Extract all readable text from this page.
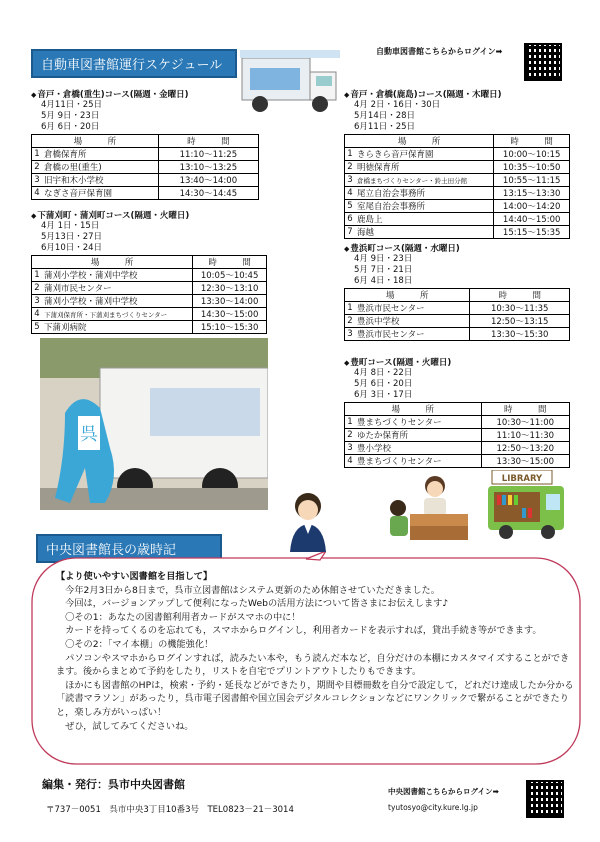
自動車図書館運行スケジュール
自動車図書館こちらからログイン➡
◆音戸・倉橋(重生)コース(隔週・金曜日)
4月11日・25日
5月 9日・23日
6月 6日・20日
場　　　所		時　　　間
1	倉橋保育所	11:10～11:25
2	倉橋の里(重生)	13:10～13:25
3	旧宇和木小学校	13:40～14:00
4	なぎさ音戸保育園	14:30～14:45
◆下蒲刈町・蒲刈町コース(隔週・火曜日)
4月 1日・15日
5月13日・27日
6月10日・24日
場　　　所		時　　　間
1	蒲刈小学校・蒲刈中学校	10:05～10:45
2	蒲刈市民センター	12:30～13:10
3	蒲刈小学校・蒲刈中学校	13:30～14:00
4	下蒲刈保育所・下蒲刈まちづくりセンター	14:30～15:00
5	下蒲刈病院	15:10～15:30
呉
◆音戸・倉橋(鹿島)コース(隔週・木曜日)
4月 2日・16日・30日
5月14日・28日
6月11日・25日
場　　　所		時　　　間
1	きらきら音戸保育園	10:00～10:15
2	明徳保育所	10:35～10:50
3	倉橋まちづくりセンター・鈴土田分館	10:55～11:15
4	尾立自治会事務所	13:15～13:30
5	室尾自治会事務所	14:00～14:20
6	鹿島上	14:40～15:00
7	海越	15:15～15:35
◆豊浜町コース(隔週・水曜日)
4月 9日・23日
5月 7日・21日
6月 4日・18日
場　　　所		時　　　間
1	豊浜市民センター	10:30～11:35
2	豊浜中学校	12:50～13:15
3	豊浜市民センター	13:30～15:30
◆豊町コース(隔週・火曜日)
4月 8日・22日
5月 6日・20日
6月 3日・17日
場　　　所		時　　　間
1	豊まちづくりセンター	10:30～11:00
2	ゆたか保育所	11:10～11:30
3	豊小学校	12:50～13:20
4	豊まちづくりセンター	13:30～15:00
LIBRARY
中央図書館長の歳時記

【より使いやすい図書館を目指して】

　今年2月3日から8日まで，呉市立図書館はシステム更新のため休館させていただきました。

　今回は，バージョンアップして便利になったWebの活用方法について皆さまにお伝えします♪

　〇その1：あなたの図書館利用者カードがスマホの中に！

　カードを持ってくるのを忘れても，スマホからログインし，利用者カードを表示すれば，貸出手続き等ができます。

　〇その2：「マイ本棚」の機能強化！

　パソコンやスマホからログインすれば，読みたい本や，もう読んだ本など，自分だけの本棚にカスタマイズすることができます。後からまとめて予約をしたり，リストを自宅でプリントアウトしたりもできます。

　ほかにも図書館のHPは，検索・予約・延長などができたり，期間や目標冊数を自分で設定して，どれだけ達成したか分かる「読書マラソン」があったり，呉市電子図書館や国立国会デジタルコレクションなどにワンクリックで繋がることができたりと，楽しみ方がいっぱい！

　ぜひ，試してみてくださいね。

編集・発行：呉市中央図書館
〒737－0051　呉市中央3丁目10番3号　TEL0823－21－3014
中央図書館こちらからログイン➡
tyutosyo@city.kure.lg.jp
